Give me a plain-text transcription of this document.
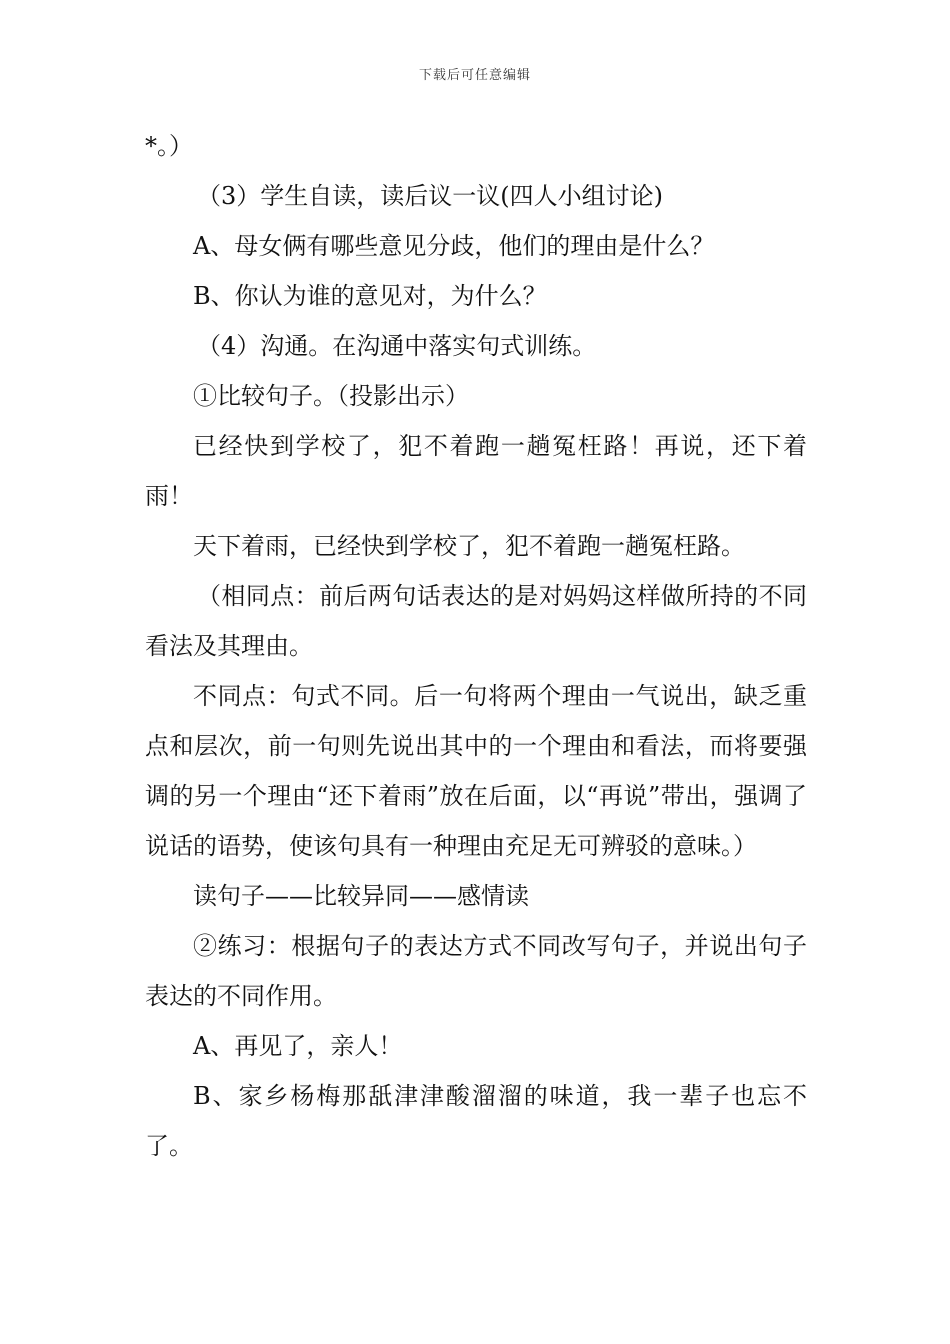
下载后可任意编辑

*。）

（3）学生自读，读后议一议(四人小组讨论)

A、母女俩有哪些意见分歧，他们的理由是什么？

B、你认为谁的意见对，为什么？

（4）沟通。在沟通中落实句式训练。

①比较句子。（投影出示）

已经快到学校了，犯不着跑一趟冤枉路！再说，还下着雨！

天下着雨，已经快到学校了，犯不着跑一趟冤枉路。

（相同点：前后两句话表达的是对妈妈这样做所持的不同看法及其理由。

不同点：句式不同。后一句将两个理由一气说出，缺乏重点和层次，前一句则先说出其中的一个理由和看法，而将要强调的另一个理由“还下着雨”放在后面，以“再说”带出，强调了说话的语势，使该句具有一种理由充足无可辨驳的意味。）

读句子——比较异同——感情读

②练习：根据句子的表达方式不同改写句子，并说出句子表达的不同作用。

A、再见了，亲人！

B、家乡杨梅那舐津津酸溜溜的味道，我一辈子也忘不了。
